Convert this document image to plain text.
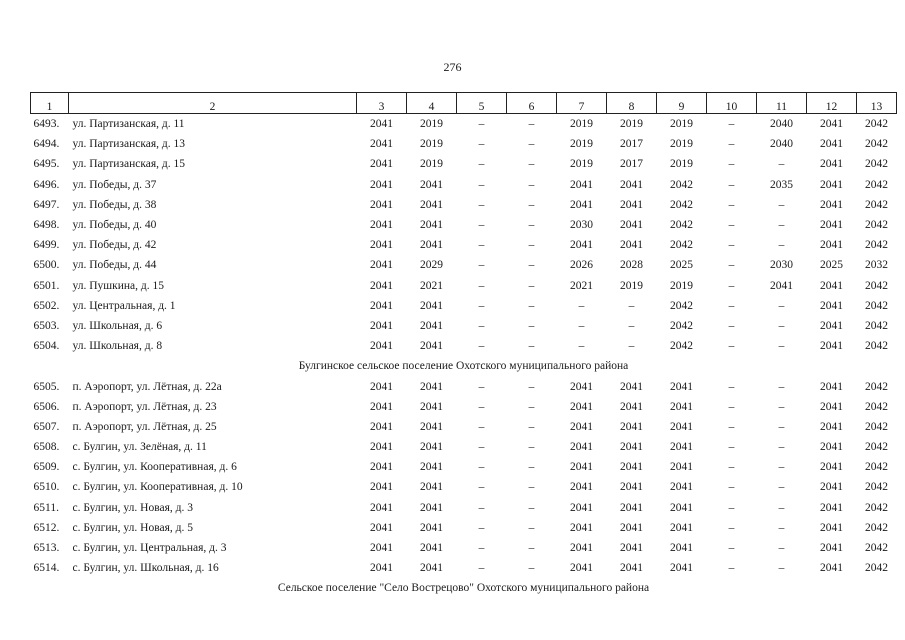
276
1	2	3	4	5	6	7	8	9	10	11	12	13
6493.	ул. Партизанская, д. 11	2041	2019	–	–	2019	2019	2019	–	2040	2041	2042
6494.	ул. Партизанская, д. 13	2041	2019	–	–	2019	2017	2019	–	2040	2041	2042
6495.	ул. Партизанская, д. 15	2041	2019	–	–	2019	2017	2019	–	–	2041	2042
6496.	ул. Победы, д. 37	2041	2041	–	–	2041	2041	2042	–	2035	2041	2042
6497.	ул. Победы, д. 38	2041	2041	–	–	2041	2041	2042	–	–	2041	2042
6498.	ул. Победы, д. 40	2041	2041	–	–	2030	2041	2042	–	–	2041	2042
6499.	ул. Победы, д. 42	2041	2041	–	–	2041	2041	2042	–	–	2041	2042
6500.	ул. Победы, д. 44	2041	2029	–	–	2026	2028	2025	–	2030	2025	2032
6501.	ул. Пушкина, д. 15	2041	2021	–	–	2021	2019	2019	–	2041	2041	2042
6502.	ул. Центральная, д. 1	2041	2041	–	–	–	–	2042	–	–	2041	2042
6503.	ул. Школьная, д. 6	2041	2041	–	–	–	–	2042	–	–	2041	2042
6504.	ул. Школьная, д. 8	2041	2041	–	–	–	–	2042	–	–	2041	2042
Булгинское сельское поселение Охотского муниципального района												
6505.	п. Аэропорт, ул. Лётная, д. 22а	2041	2041	–	–	2041	2041	2041	–	–	2041	2042
6506.	п. Аэропорт, ул. Лётная, д. 23	2041	2041	–	–	2041	2041	2041	–	–	2041	2042
6507.	п. Аэропорт, ул. Лётная, д. 25	2041	2041	–	–	2041	2041	2041	–	–	2041	2042
6508.	с. Булгин, ул. Зелёная, д. 11	2041	2041	–	–	2041	2041	2041	–	–	2041	2042
6509.	с. Булгин, ул. Кооперативная, д. 6	2041	2041	–	–	2041	2041	2041	–	–	2041	2042
6510.	с. Булгин, ул. Кооперативная, д. 10	2041	2041	–	–	2041	2041	2041	–	–	2041	2042
6511.	с. Булгин, ул. Новая, д. 3	2041	2041	–	–	2041	2041	2041	–	–	2041	2042
6512.	с. Булгин, ул. Новая, д. 5	2041	2041	–	–	2041	2041	2041	–	–	2041	2042
6513.	с. Булгин, ул. Центральная, д. 3	2041	2041	–	–	2041	2041	2041	–	–	2041	2042
6514.	с. Булгин, ул. Школьная, д. 16	2041	2041	–	–	2041	2041	2041	–	–	2041	2042
Сельское поселение "Село Вострецово" Охотского муниципального района												
